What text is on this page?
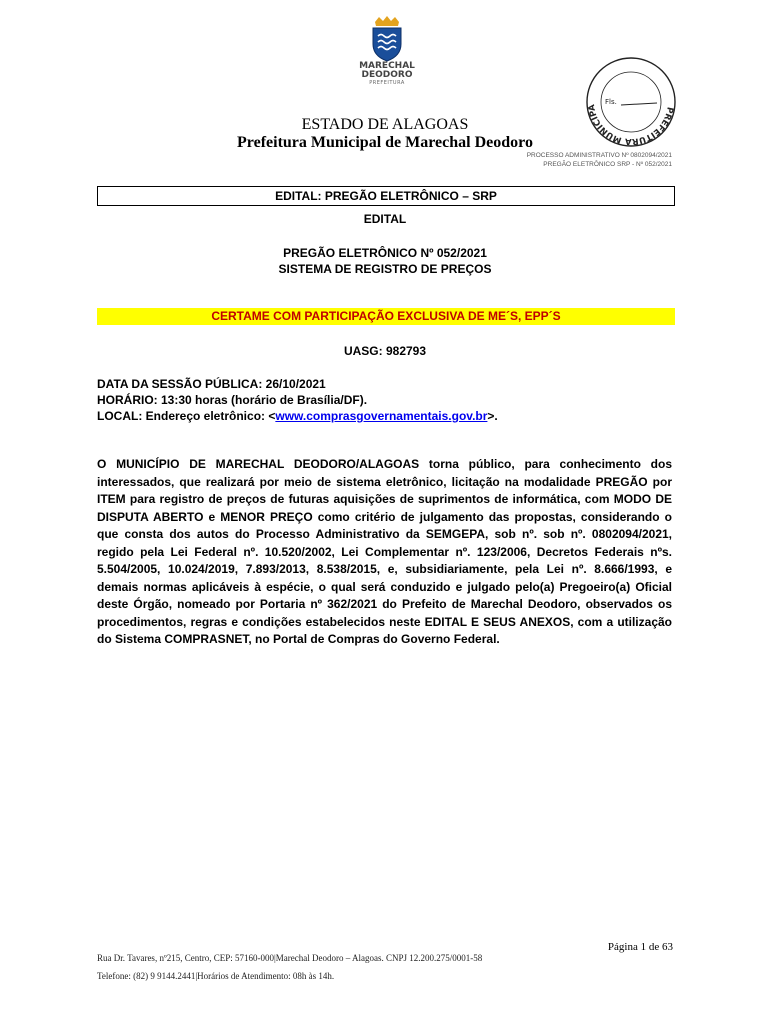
MARECHAL
DEODORO
PREFEITURA
PREFEITURA MUNICIPA
Fls.
ESTADO DE ALAGOAS
Prefeitura Municipal de Marechal Deodoro
PROCESSO ADMINISTRATIVO Nº 0802094/2021
PREGÃO ELETRÔNICO SRP - Nº 052/2021
EDITAL: PREGÃO ELETRÔNICO – SRP
EDITAL
PREGÃO ELETRÔNICO Nº 052/2021
SISTEMA DE REGISTRO DE PREÇOS
CERTAME COM PARTICIPAÇÃO EXCLUSIVA DE ME´S, EPP´S
UASG: 982793
DATA DA SESSÃO PÚBLICA: 26/10/2021
HORÁRIO: 13:30 horas (horário de Brasília/DF).
LOCAL: Endereço eletrônico: <www.comprasgovernamentais.gov.br>.
O MUNICÍPIO DE MARECHAL DEODORO/ALAGOAS torna público, para conhecimento dos interessados, que realizará por meio de sistema eletrônico, licitação na modalidade PREGÃO por ITEM para registro de preços de futuras aquisições de suprimentos de informática, com MODO DE DISPUTA ABERTO e MENOR PREÇO como critério de julgamento das propostas, considerando o que consta dos autos do Processo Administrativo da SEMGEPA, sob nº. sob nº. 0802094/2021, regido pela Lei Federal nº. 10.520/2002, Lei Complementar nº. 123/2006, Decretos Federais nºs. 5.504/2005, 10.024/2019, 7.893/2013, 8.538/2015, e, subsidiariamente, pela Lei nº. 8.666/1993, e demais normas aplicáveis à espécie, o qual será conduzido e julgado pelo(a) Pregoeiro(a) Oficial deste Órgão, nomeado por Portaria nº 362/2021 do Prefeito de Marechal Deodoro, observados os procedimentos, regras e condições estabelecidos neste EDITAL E SEUS ANEXOS, com a utilização do Sistema COMPRASNET, no Portal de Compras do Governo Federal.
Página 1 de 63
Rua Dr. Tavares, nº215, Centro, CEP: 57160-000|Marechal Deodoro – Alagoas. CNPJ 12.200.275/0001-58
Telefone: (82) 9 9144.2441|Horários de Atendimento: 08h às 14h.
